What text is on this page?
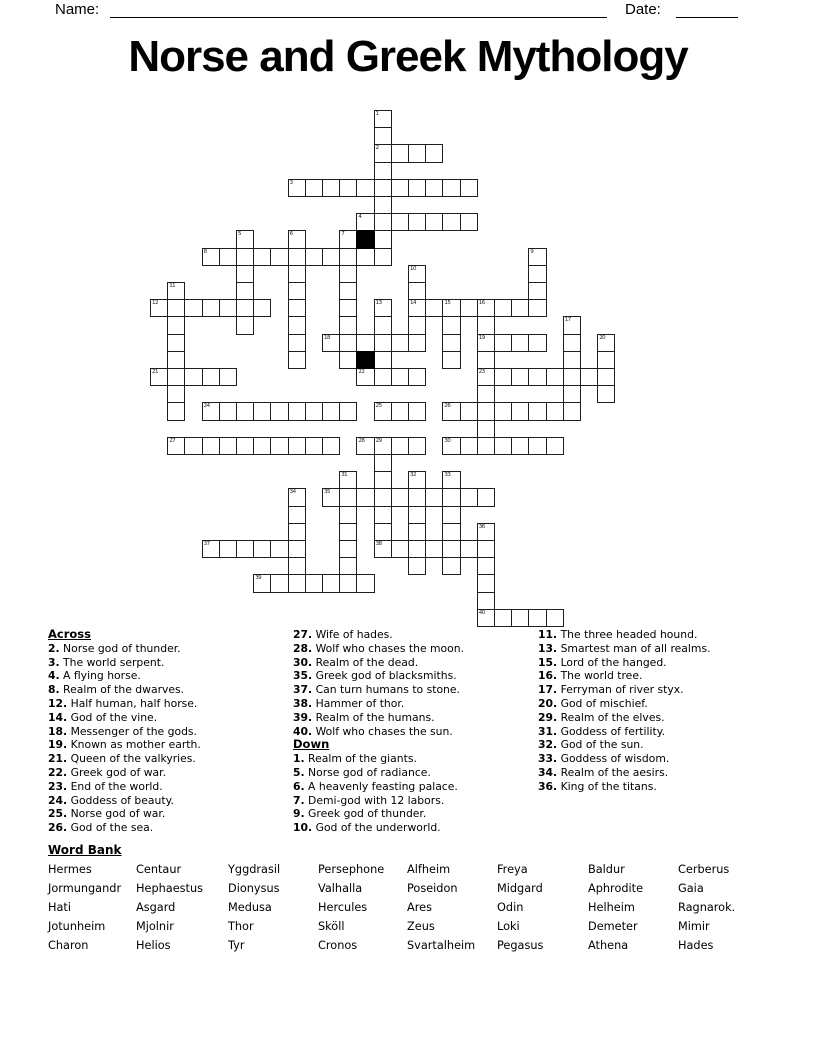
Name:	Date:
Norse and Greek Mythology
1
2
3
4
5	6	7
8	9
10
14
11
12	13	15	16
19
23
17
18	20
21	22
24	25	26
27	28 29
38
30
31	32	33
34	35
36
40
37
39
Across
2. Norse god of thunder.
3. The world serpent.
4. A flying horse.
8. Realm of the dwarves.
12. Half human, half horse.
14. God of the vine.
18. Messenger of the gods.
19. Known as mother earth.
21. Queen of the valkyries.
22. Greek god of war.
23. End of the world.
24. Goddess of beauty.
25. Norse god of war.
26. God of the sea.
27. Wife of hades.
28. Wolf who chases the moon.
30. Realm of the dead.
35. Greek god of blacksmiths.
37. Can turn humans to stone.
38. Hammer of thor.
39. Realm of the humans.
40. Wolf who chases the sun.
Down
1. Realm of the giants.
5. Norse god of radiance.
6. A heavenly feasting palace.
7. Demi-god with 12 labors.
9. Greek god of thunder.
10. God of the underworld.
11. The three headed hound.
13. Smartest man of all realms.
15. Lord of the hanged.
16. The world tree.
17. Ferryman of river styx.
20. God of mischief.
29. Realm of the elves.
31. Goddess of fertility.
32. God of the sun.
33. Goddess of wisdom.
34. Realm of the aesirs.
36. King of the titans.
Word Bank
Hermes	Centaur	Yggdrasil	Persephone	Alfheim	Freya	Baldur	Cerberus
Jormungandr	Hephaestus	Dionysus	Valhalla	Poseidon	Midgard	Aphrodite	Gaia
Hati	Asgard	Medusa	Hercules	Ares	Odin	Helheim	Ragnarok.
Jotunheim	Mjolnir	Thor	Sköll	Zeus	Loki	Demeter	Mimir
Charon	Helios	Tyr	Cronos	Svartalheim	Pegasus	Athena	Hades
